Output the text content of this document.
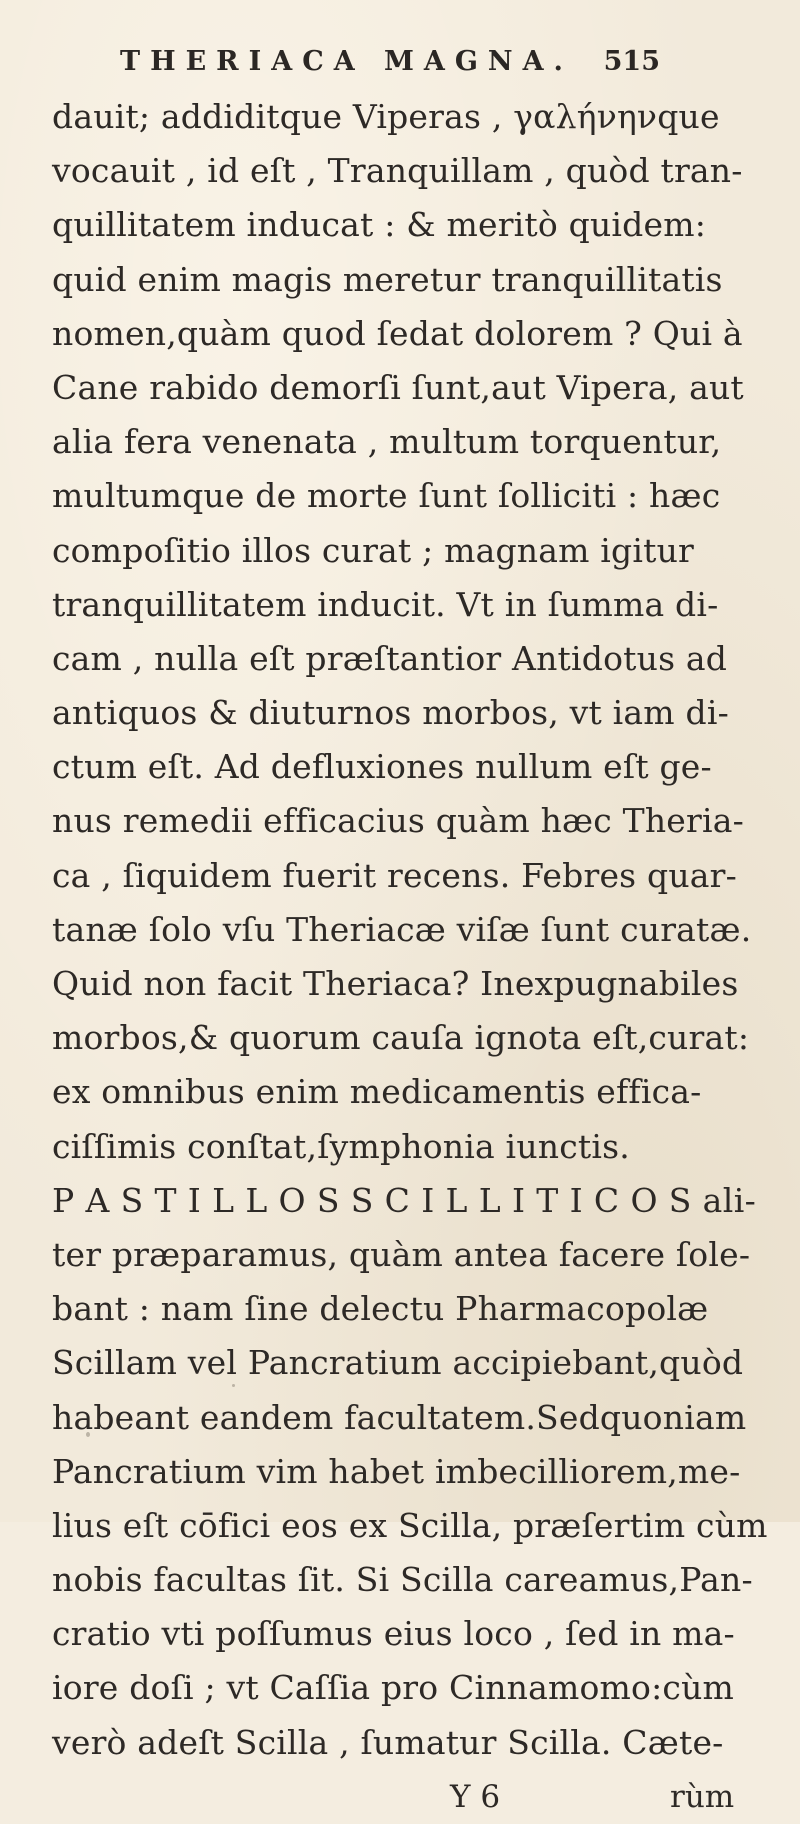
THERIACA MAGNA. 515
dauit; addiditque Viperas , γαλήνηνque
vocauit , id eſt , Tranquillam , quòd tran-
quillitatem inducat : & meritò quidem:
quid enim magis meretur tranquillitatis
nomen,quàm quod ſedat dolorem ? Qui à
Cane rabido demorſi ſunt,aut Vipera, aut
alia fera venenata , multum torquentur,
multumque de morte ſunt ſolliciti : hæc
compoſitio illos curat ; magnam igitur
tranquillitatem inducit. Vt in ſumma di-
cam , nulla eſt præſtantior Antidotus ad
antiquos & diuturnos morbos, vt iam di-
ctum eſt. Ad defluxiones nullum eſt ge-
nus remedii efficacius quàm hæc Theria-
ca , ſiquidem fuerit recens. Febres quar-
tanæ ſolo vſu Theriacæ viſæ ſunt curatæ.
Quid non facit Theriaca? Inexpugnabiles
morbos,& quorum cauſa ignota eſt,curat:
ex omnibus enim medicamentis effica-
ciſſimis conſtat,ſymphonia iunctis.
P A S T I L L O S S C I L L I T I C O S ali-
ter præparamus, quàm antea facere ſole-
bant : nam ſine delectu Pharmacopolæ
Scillam vel Pancratium accipiebant,quòd
habeant eandem facultatem.Sedquoniam
Pancratium vim habet imbecilliorem,me-
lius eſt cōfici eos ex Scilla, præſertim cùm
nobis facultas ſit. Si Scilla careamus,Pan-
cratio vti poſſumus eius loco , ſed in ma-
iore doſi ; vt Caſſia pro Cinnamomo:cùm
verò adeſt Scilla , ſumatur Scilla. Cæte-
Y 6	rùm
